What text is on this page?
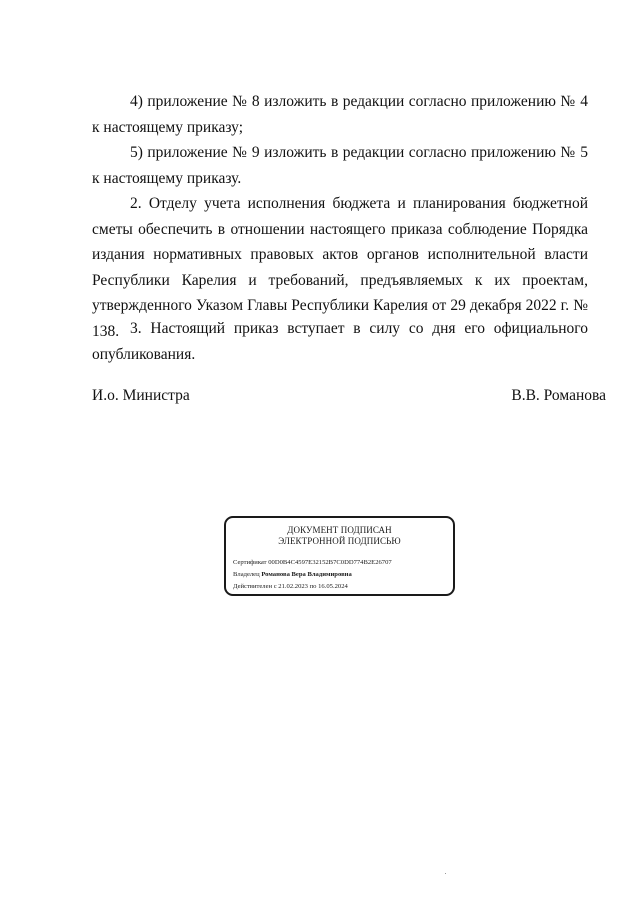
4) приложение № 8 изложить в редакции согласно приложению № 4 к настоящему приказу;

5) приложение № 9 изложить в редакции согласно приложению № 5 к настоящему приказу.

2. Отделу учета исполнения бюджета и планирования бюджетной сметы обеспечить в отношении настоящего приказа соблюдение Порядка издания нормативных правовых актов органов исполнительной власти Республики Карелия и требований, предъявляемых к их проектам, утвержденного Указом Главы Республики Карелия от 29 декабря 2022 г. № 138. 3. Настоящий приказ вступает в силу со дня его официального опубликования.

И.о. Министра	В.В. Романова
ДОКУМЕНТ ПОДПИСАН
ЭЛЕКТРОННОЙ ПОДПИСЬЮ
Сертификат 00D0B4C4597E32152B7C0DD774B2E26707
Владелец Романова Вера Владимировна
Действителен с 21.02.2023 по 16.05.2024
